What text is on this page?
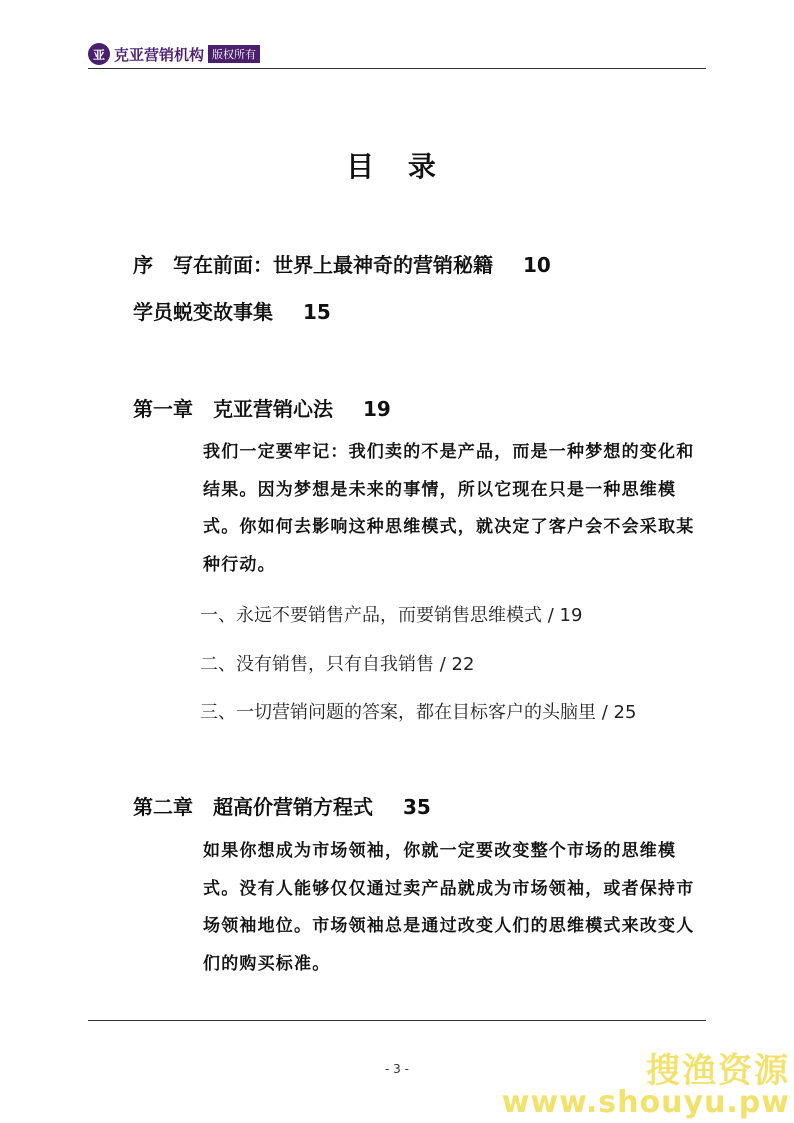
亚 克亚营销机构 版权所有
目 录
序　写在前面：世界上最神奇的营销秘籍 10
学员蜕变故事集 15
第一章　克亚营销心法 19
我们一定要牢记：我们卖的不是产品，而是一种梦想的变化和结果。因为梦想是未来的事情，所以它现在只是一种思维模式。你如何去影响这种思维模式，就决定了客户会不会采取某种行动。
一、永远不要销售产品，而要销售思维模式 / 19
二、没有销售，只有自我销售 / 22
三、一切营销问题的答案，都在目标客户的头脑里 / 25
第二章　超高价营销方程式 35
如果你想成为市场领袖，你就一定要改变整个市场的思维模式。没有人能够仅仅通过卖产品就成为市场领袖，或者保持市场领袖地位。市场领袖总是通过改变人们的思维模式来改变人们的购买标准。
- 3 -	搜渔资源
www.shouyu.pw
